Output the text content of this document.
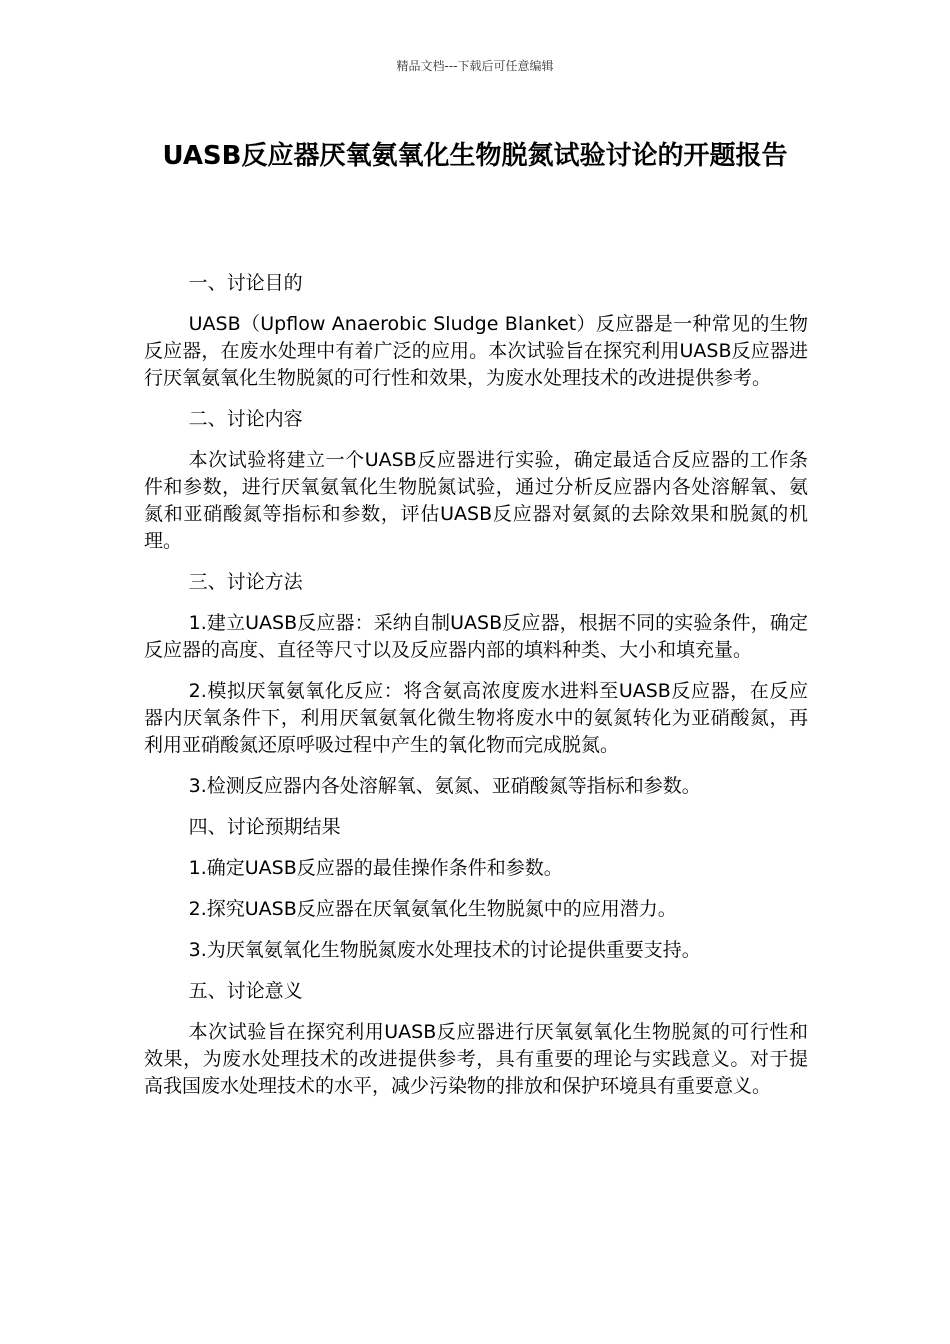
精品文档---下载后可任意编辑
UASB反应器厌氧氨氧化生物脱氮试验讨论的开题报告

一、讨论目的

UASB（Upflow Anaerobic Sludge Blanket）反应器是一种常见的生物反应器，在废水处理中有着广泛的应用。本次试验旨在探究利用UASB反应器进行厌氧氨氧化生物脱氮的可行性和效果，为废水处理技术的改进提供参考。

二、讨论内容

本次试验将建立一个UASB反应器进行实验，确定最适合反应器的工作条件和参数，进行厌氧氨氧化生物脱氮试验，通过分析反应器内各处溶解氧、氨氮和亚硝酸氮等指标和参数，评估UASB反应器对氨氮的去除效果和脱氮的机理。

三、讨论方法

1.建立UASB反应器：采纳自制UASB反应器，根据不同的实验条件，确定反应器的高度、直径等尺寸以及反应器内部的填料种类、大小和填充量。

2.模拟厌氧氨氧化反应：将含氨高浓度废水进料至UASB反应器，在反应器内厌氧条件下，利用厌氧氨氧化微生物将废水中的氨氮转化为亚硝酸氮，再利用亚硝酸氮还原呼吸过程中产生的氧化物而完成脱氮。

3.检测反应器内各处溶解氧、氨氮、亚硝酸氮等指标和参数。

四、讨论预期结果

1.确定UASB反应器的最佳操作条件和参数。

2.探究UASB反应器在厌氧氨氧化生物脱氮中的应用潜力。

3.为厌氧氨氧化生物脱氮废水处理技术的讨论提供重要支持。

五、讨论意义

本次试验旨在探究利用UASB反应器进行厌氧氨氧化生物脱氮的可行性和效果，为废水处理技术的改进提供参考，具有重要的理论与实践意义。对于提高我国废水处理技术的水平，减少污染物的排放和保护环境具有重要意义。
